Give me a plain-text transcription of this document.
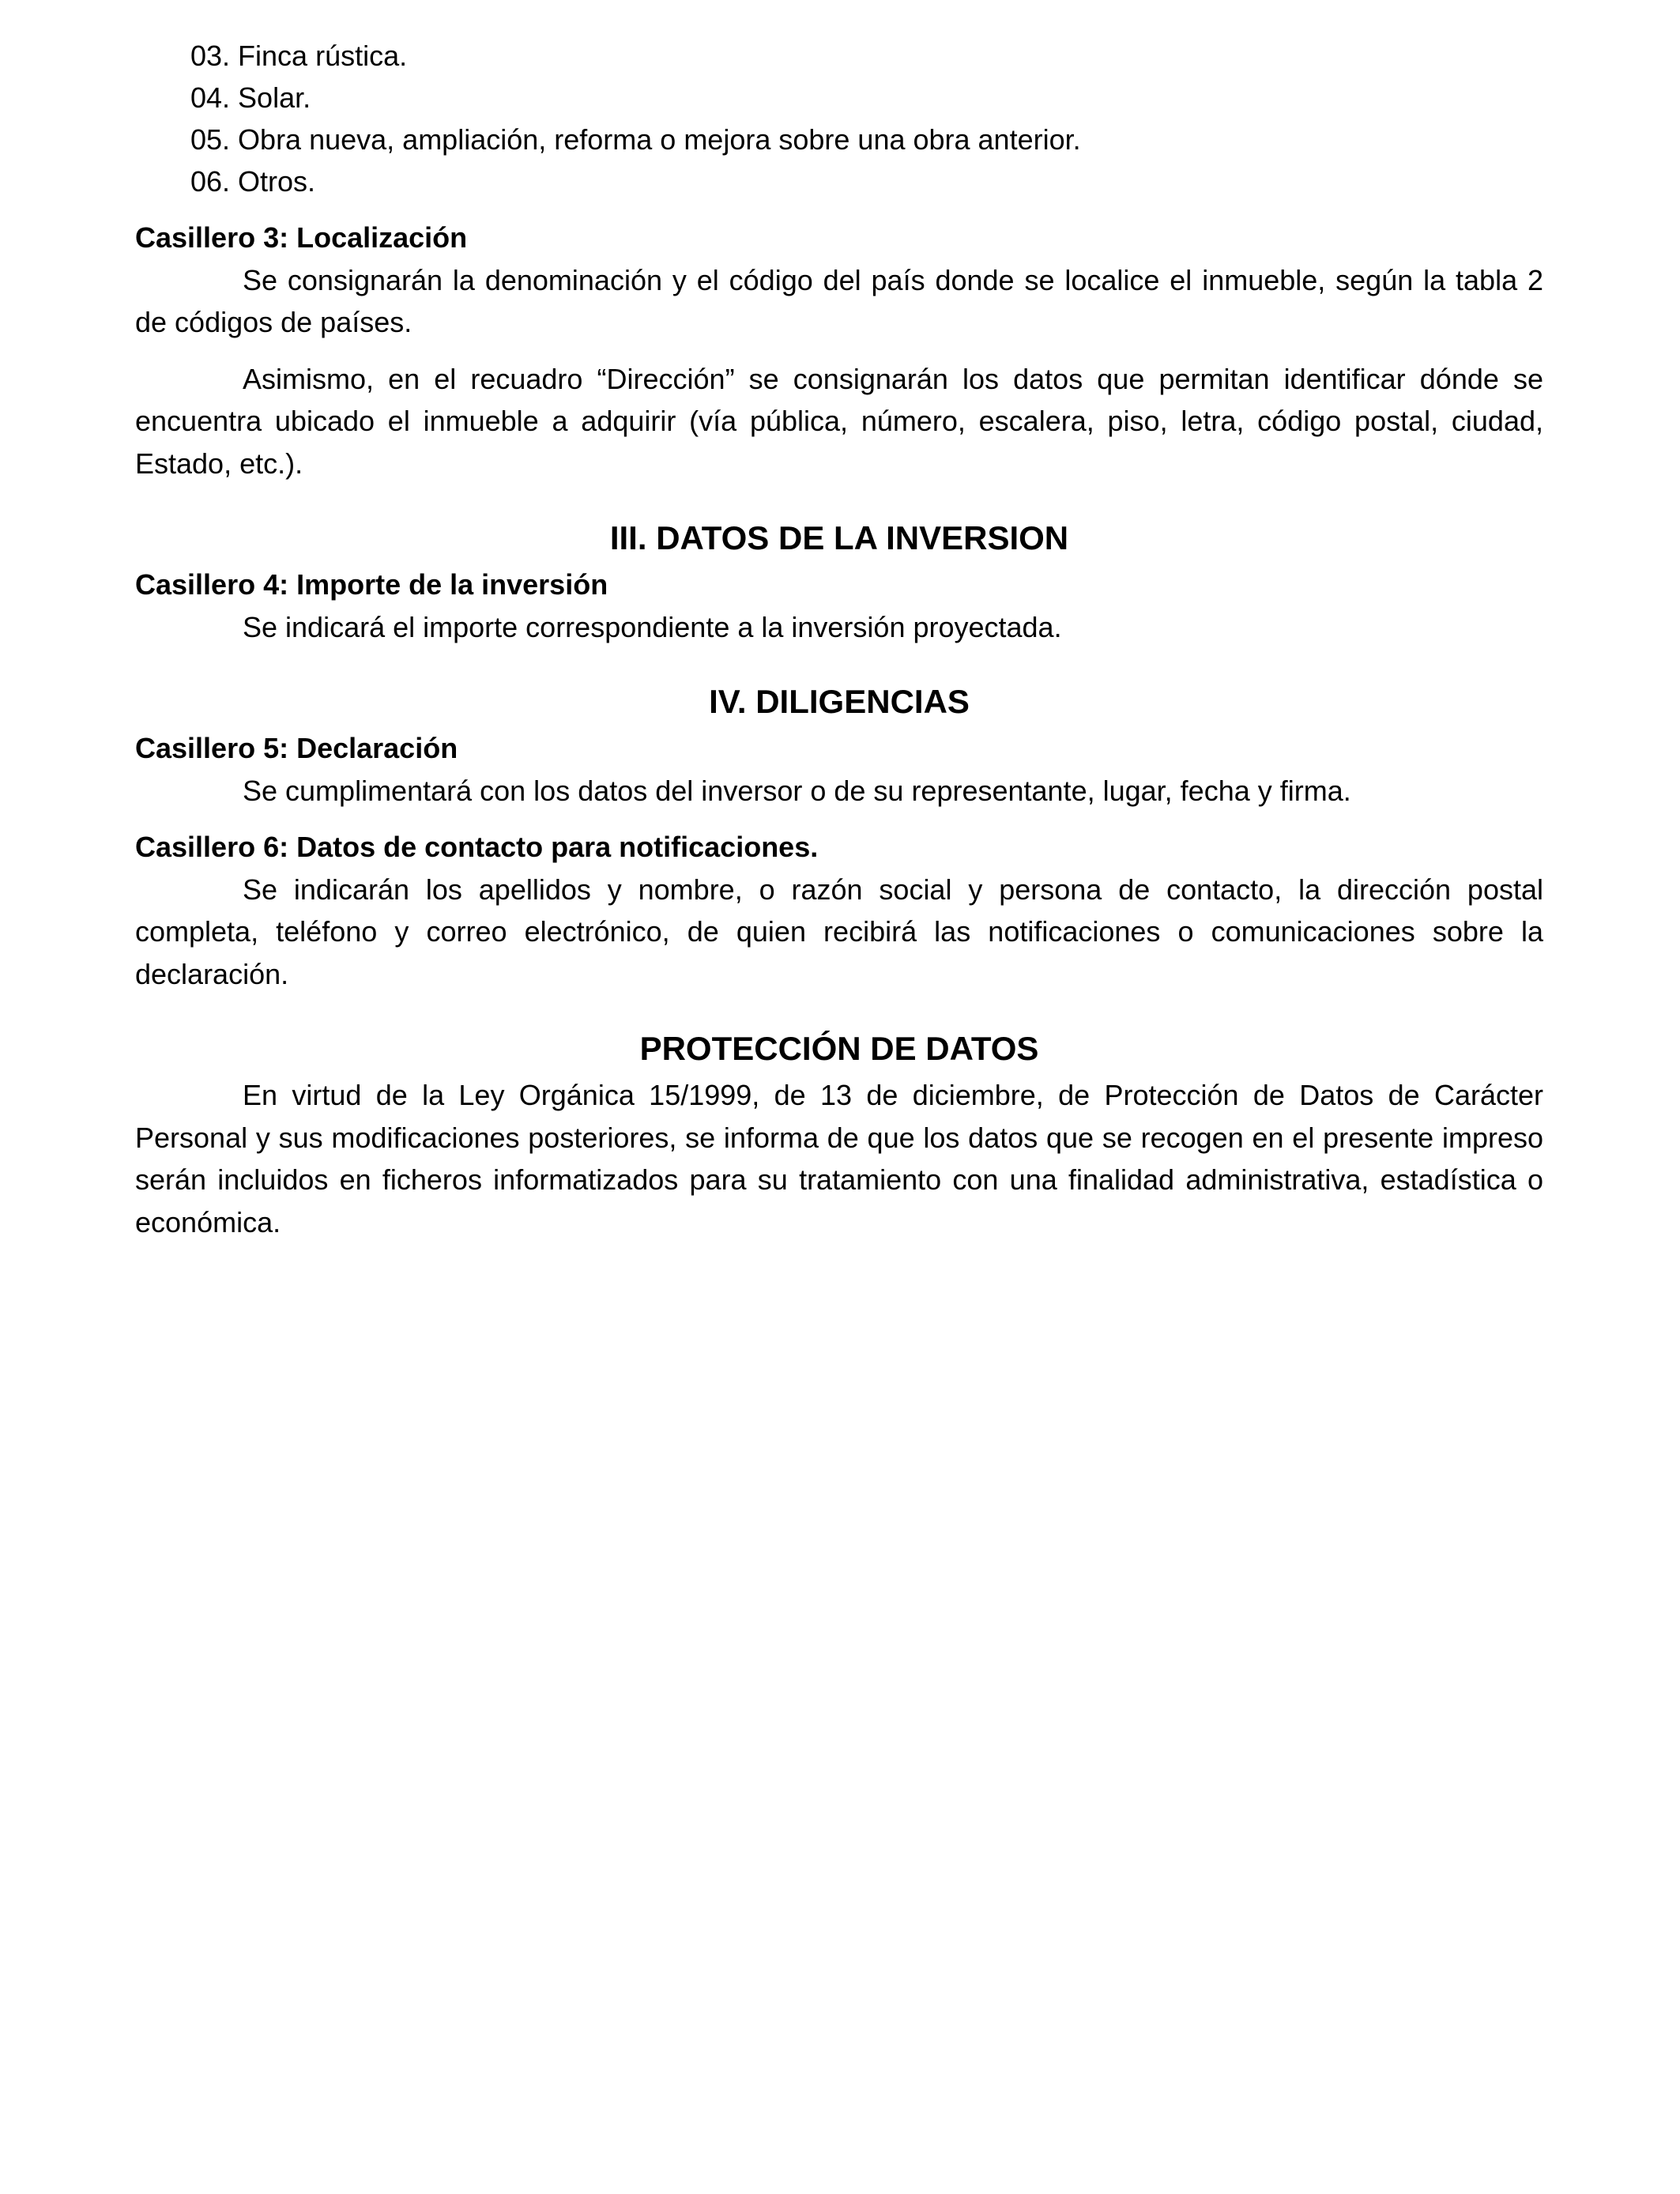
03. Finca rústica.
04. Solar.
05. Obra nueva, ampliación, reforma o mejora sobre una obra anterior.
06. Otros.
Casillero 3: Localización

Se consignarán la denominación y el código del país donde se localice el inmueble, según la tabla 2 de códigos de países.

Asimismo, en el recuadro “Dirección” se consignarán los datos que permitan identificar dónde se encuentra ubicado el inmueble a adquirir (vía pública, número, escalera, piso, letra, código postal, ciudad, Estado, etc.).

III. DATOS DE LA INVERSION
Casillero 4: Importe de la inversión

Se indicará el importe correspondiente a la inversión proyectada.

IV. DILIGENCIAS
Casillero 5: Declaración

Se cumplimentará con los datos del inversor o de su representante, lugar, fecha y firma.

Casillero 6: Datos de contacto para notificaciones.

Se indicarán los apellidos y nombre, o razón social y persona de contacto, la dirección postal completa, teléfono y correo electrónico, de quien recibirá las notificaciones o comunicaciones sobre la declaración.

PROTECCIÓN DE DATOS

En virtud de la Ley Orgánica 15/1999, de 13 de diciembre, de Protección de Datos de Carácter Personal y sus modificaciones posteriores, se informa de que los datos que se recogen en el presente impreso serán incluidos en ficheros informatizados para su tratamiento con una finalidad administrativa, estadística o económica.
